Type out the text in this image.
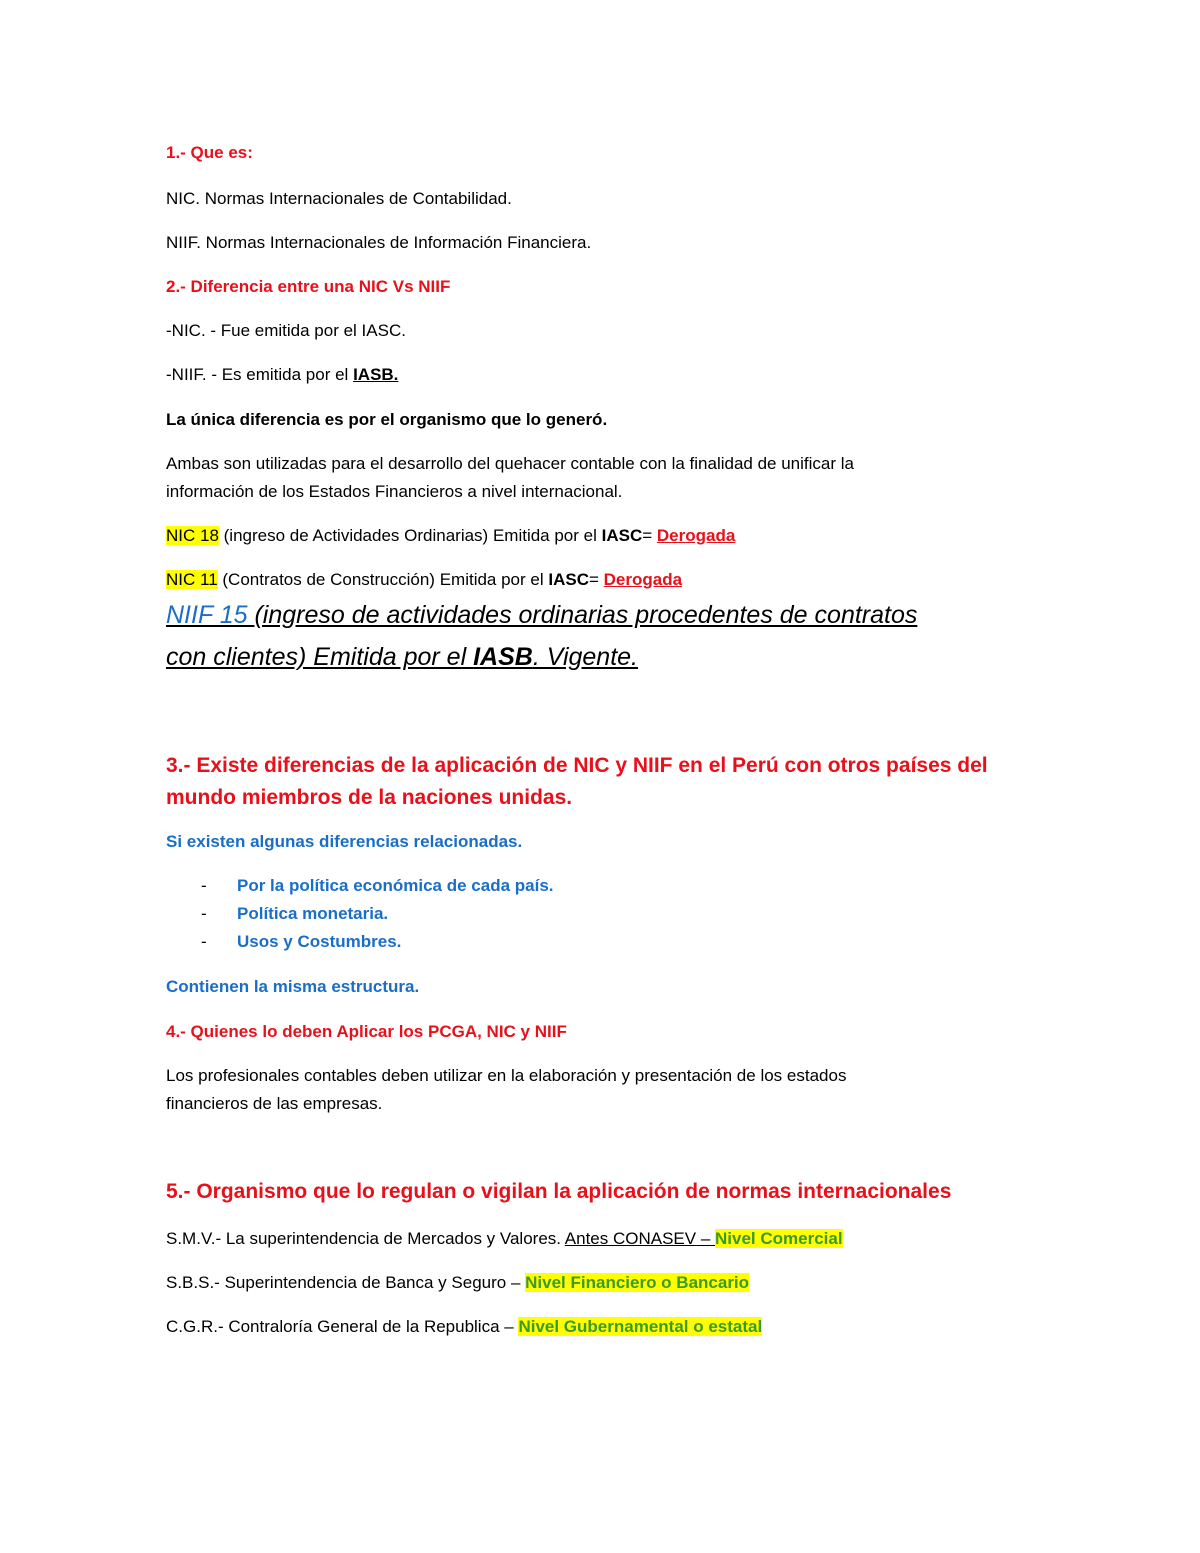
1.- Que es:
NIC. Normas Internacionales de Contabilidad.
NIIF. Normas Internacionales de Información Financiera.
2.- Diferencia entre una NIC Vs NIIF
-NIC. - Fue emitida por el IASC.
-NIIF. - Es emitida por el IASB.
La única diferencia es por el organismo que lo generó.
Ambas son utilizadas para el desarrollo del quehacer contable con la finalidad de unificar la
información de los Estados Financieros a nivel internacional.
NIC 18 (ingreso de Actividades Ordinarias) Emitida por el IASC= Derogada
NIC 11 (Contratos de Construcción) Emitida por el IASC= Derogada
NIIF 15 (ingreso de actividades ordinarias procedentes de contratos
con clientes) Emitida por el IASB. Vigente.
3.- Existe diferencias de la aplicación de NIC y NIIF en el Perú con otros países del
mundo miembros de la naciones unidas.
Si existen algunas diferencias relacionadas.
- Por la política económica de cada país.
- Política monetaria.
- Usos y Costumbres.
Contienen la misma estructura.
4.- Quienes lo deben Aplicar los PCGA, NIC y NIIF
Los profesionales contables deben utilizar en la elaboración y presentación de los estados
financieros de las empresas.
5.- Organismo que lo regulan o vigilan la aplicación de normas internacionales
S.M.V.- La superintendencia de Mercados y Valores. Antes CONASEV – Nivel Comercial
S.B.S.- Superintendencia de Banca y Seguro – Nivel Financiero o Bancario
C.G.R.- Contraloría General de la Republica – Nivel Gubernamental o estatal
